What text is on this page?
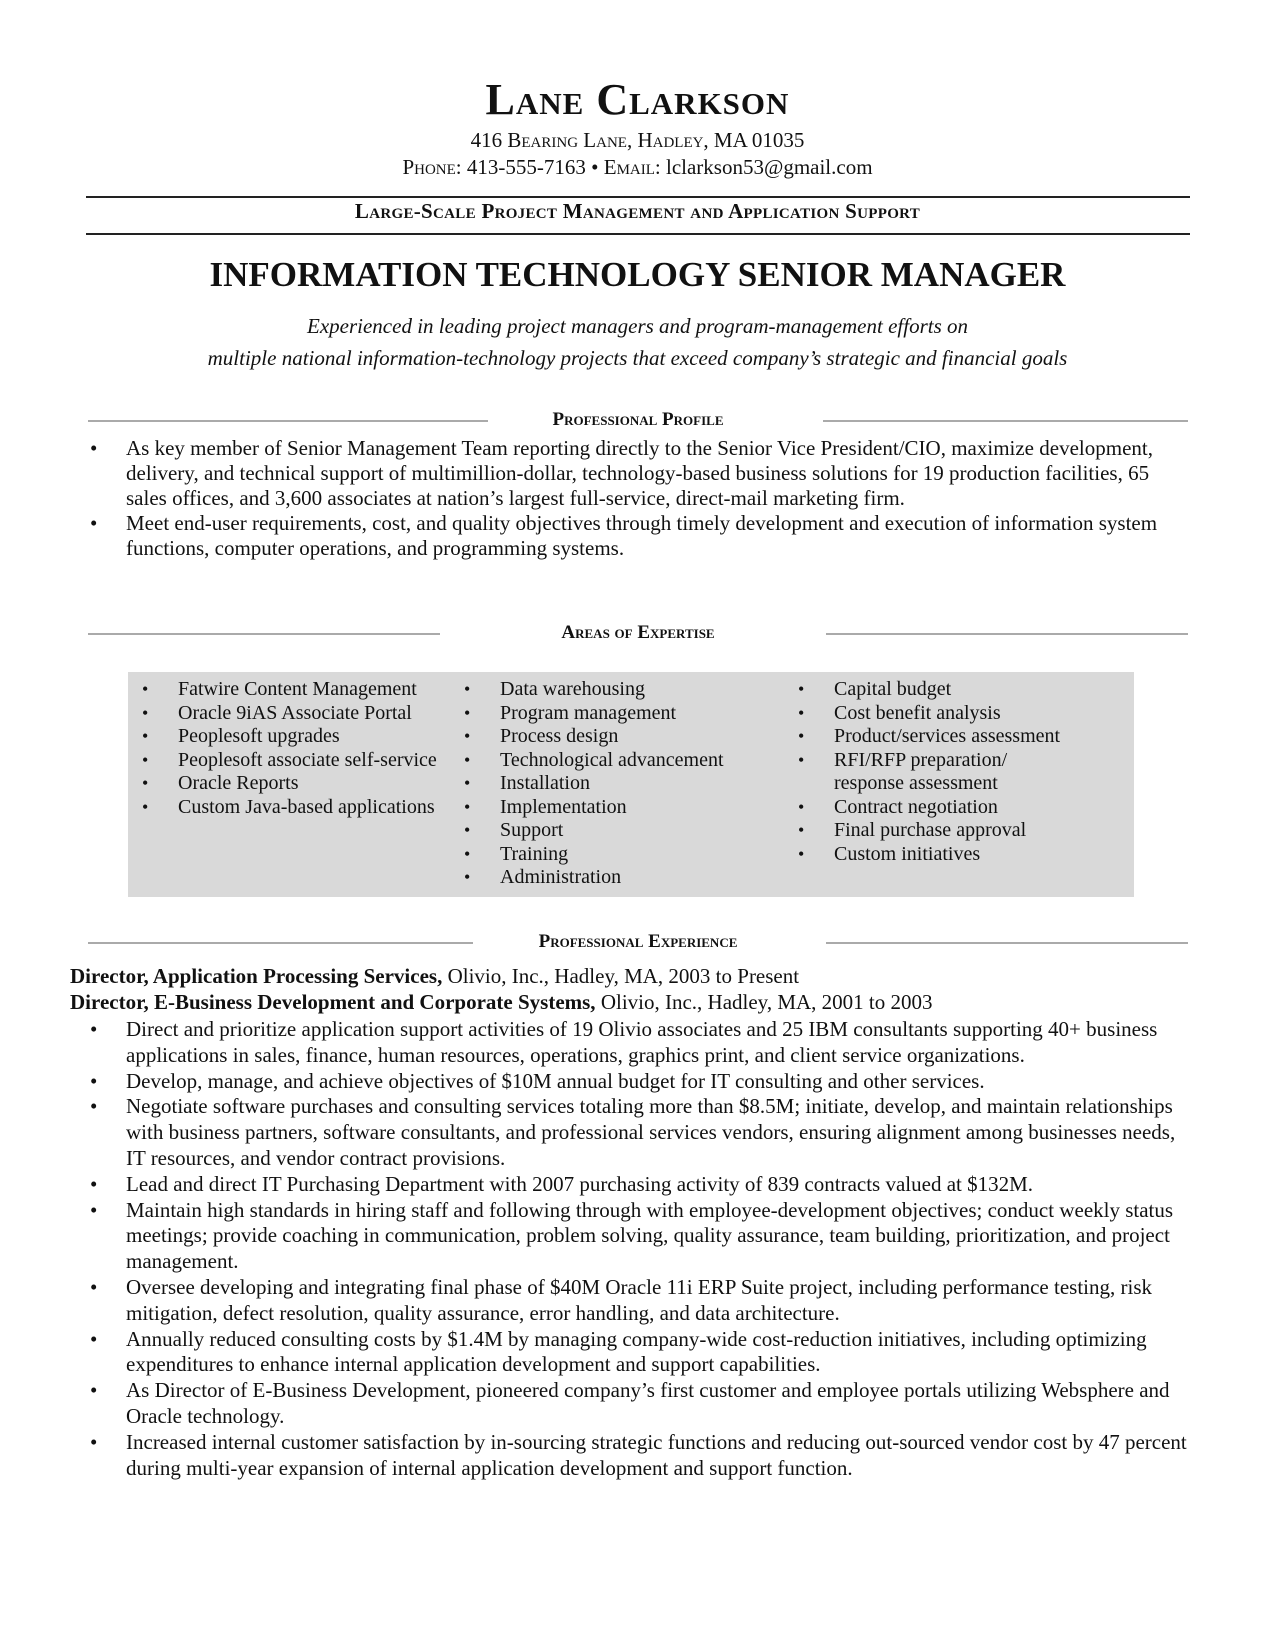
Lane Clarkson
416 Bearing Lane, Hadley, MA 01035
Phone: 413-555-7163 • Email: lclarkson53@gmail.com
Large-Scale Project Management and Application Support
INFORMATION TECHNOLOGY SENIOR MANAGER
Experienced in leading project managers and program-management efforts on
multiple national information-technology projects that exceed company’s strategic and financial goals
Professional Profile
• As key member of Senior Management Team reporting directly to the Senior Vice President/CIO, maximize development, delivery, and technical support of multimillion-dollar, technology-based business solutions for 19 production facilities, 65 sales offices, and 3,600 associates at nation’s largest full-service, direct-mail marketing firm.
• Meet end-user requirements, cost, and quality objectives through timely development and execution of information system functions, computer operations, and programming systems.
Areas of Expertise
• Fatwire Content Management
• Oracle 9iAS Associate Portal
• Peoplesoft upgrades
• Peoplesoft associate self-service
• Oracle Reports
• Custom Java-based applications
• Data warehousing
• Program management
• Process design
• Technological advancement
• Installation
• Implementation
• Support
• Training
• Administration
• Capital budget
• Cost benefit analysis
• Product/services assessment
• RFI/RFP preparation/ response assessment
• Contract negotiation
• Final purchase approval
• Custom initiatives
Professional Experience
Director, Application Processing Services, Olivio, Inc., Hadley, MA, 2003 to Present
Director, E-Business Development and Corporate Systems, Olivio, Inc., Hadley, MA, 2001 to 2003
• Direct and prioritize application support activities of 19 Olivio associates and 25 IBM consultants supporting 40+ business applications in sales, finance, human resources, operations, graphics print, and client service organizations.
• Develop, manage, and achieve objectives of $10M annual budget for IT consulting and other services.
• Negotiate software purchases and consulting services totaling more than $8.5M; initiate, develop, and maintain relationships with business partners, software consultants, and professional services vendors, ensuring alignment among businesses needs, IT resources, and vendor contract provisions.
• Lead and direct IT Purchasing Department with 2007 purchasing activity of 839 contracts valued at $132M.
• Maintain high standards in hiring staff and following through with employee-development objectives; conduct weekly status meetings; provide coaching in communication, problem solving, quality assurance, team building, prioritization, and project management.
• Oversee developing and integrating final phase of $40M Oracle 11i ERP Suite project, including performance testing, risk mitigation, defect resolution, quality assurance, error handling, and data architecture.
• Annually reduced consulting costs by $1.4M by managing company-wide cost-reduction initiatives, including optimizing expenditures to enhance internal application development and support capabilities.
• As Director of E-Business Development, pioneered company’s first customer and employee portals utilizing Websphere and Oracle technology.
• Increased internal customer satisfaction by in-sourcing strategic functions and reducing out-sourced vendor cost by 47 percent during multi-year expansion of internal application development and support function.
